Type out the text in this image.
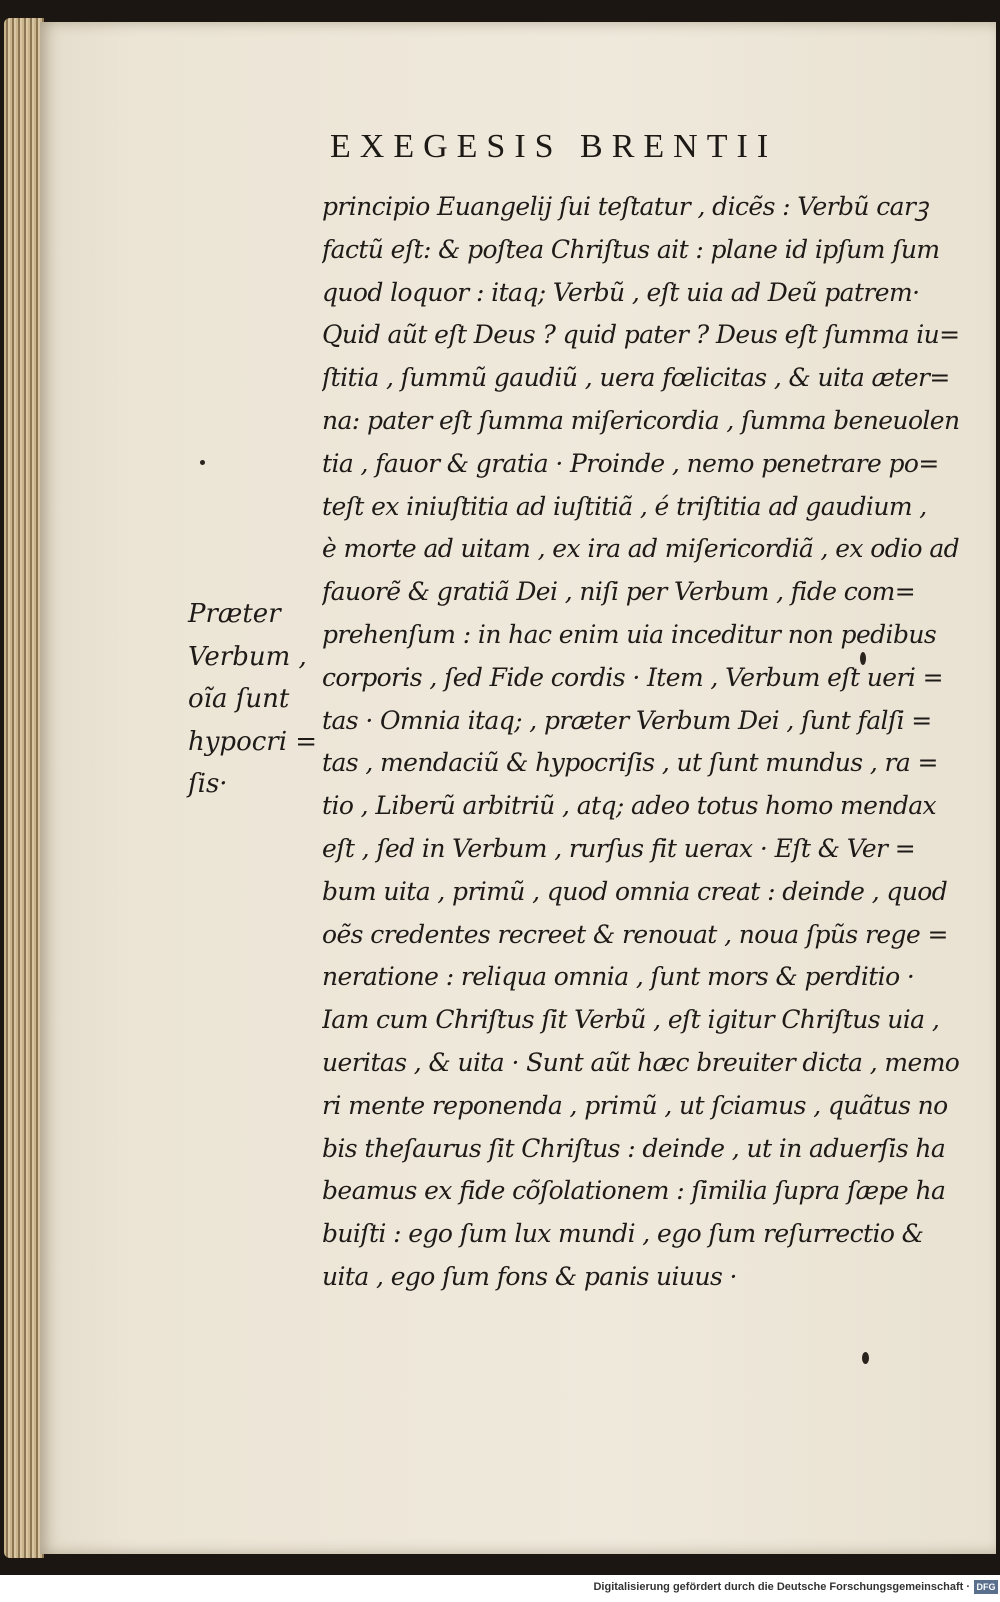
EXEGESIS BRENTII
principio Euangelij ſui teſtatur , dicẽs : Verbũ carꝫ
factũ eſt: & poſtea Chriſtus ait : plane id ipſum ſum
quod loquor : itaq; Verbũ , eſt uia ad Deũ patrem·
Quid aũt eſt Deus ? quid pater ? Deus eſt ſumma iu=
ſtitia , ſummũ gaudiũ , uera fœlicitas , & uita æter=
na: pater eſt ſumma miſericordia , ſumma beneuolen
tia , fauor & gratia · Proinde , nemo penetrare po=
teſt ex iniuſtitia ad iuſtitiã , é triſtitia ad gaudium ,
è morte ad uitam , ex ira ad miſericordiã , ex odio ad
fauorẽ & gratiã Dei , niſi per Verbum , fide com=
prehenſum : in hac enim uia inceditur non pedibus
corporis , ſed Fide cordis · Item , Verbum eſt ueri =
tas · Omnia itaq; , præter Verbum Dei , ſunt falſi =
tas , mendaciũ & hypocriſis , ut ſunt mundus , ra =
tio , Liberũ arbitriũ , atq; adeo totus homo mendax
eſt , ſed in Verbum , rurſus fit uerax · Eſt & Ver =
bum uita , primũ , quod omnia creat : deinde , quod
oẽs credentes recreet & renouat , noua ſpũs rege =
neratione : reliqua omnia , ſunt mors & perditio ·
Iam cum Chriſtus ſit Verbũ , eſt igitur Chriſtus uia ,
ueritas , & uita · Sunt aũt hæc breuiter dicta , memo
ri mente reponenda , primũ , ut ſciamus , quãtus no
bis theſaurus ſit Chriſtus : deinde , ut in aduerſis ha
beamus ex fide cõſolationem : ſimilia ſupra ſæpe ha
buiſti : ego ſum lux mundi , ego ſum reſurrectio &
uita , ego ſum fons & panis uiuus ·
Præter
Verbum ,
oĩa ſunt
hypocri =
ſis·
Digitalisierung gefördert durch die Deutsche Forschungsgemeinschaft · DFG
